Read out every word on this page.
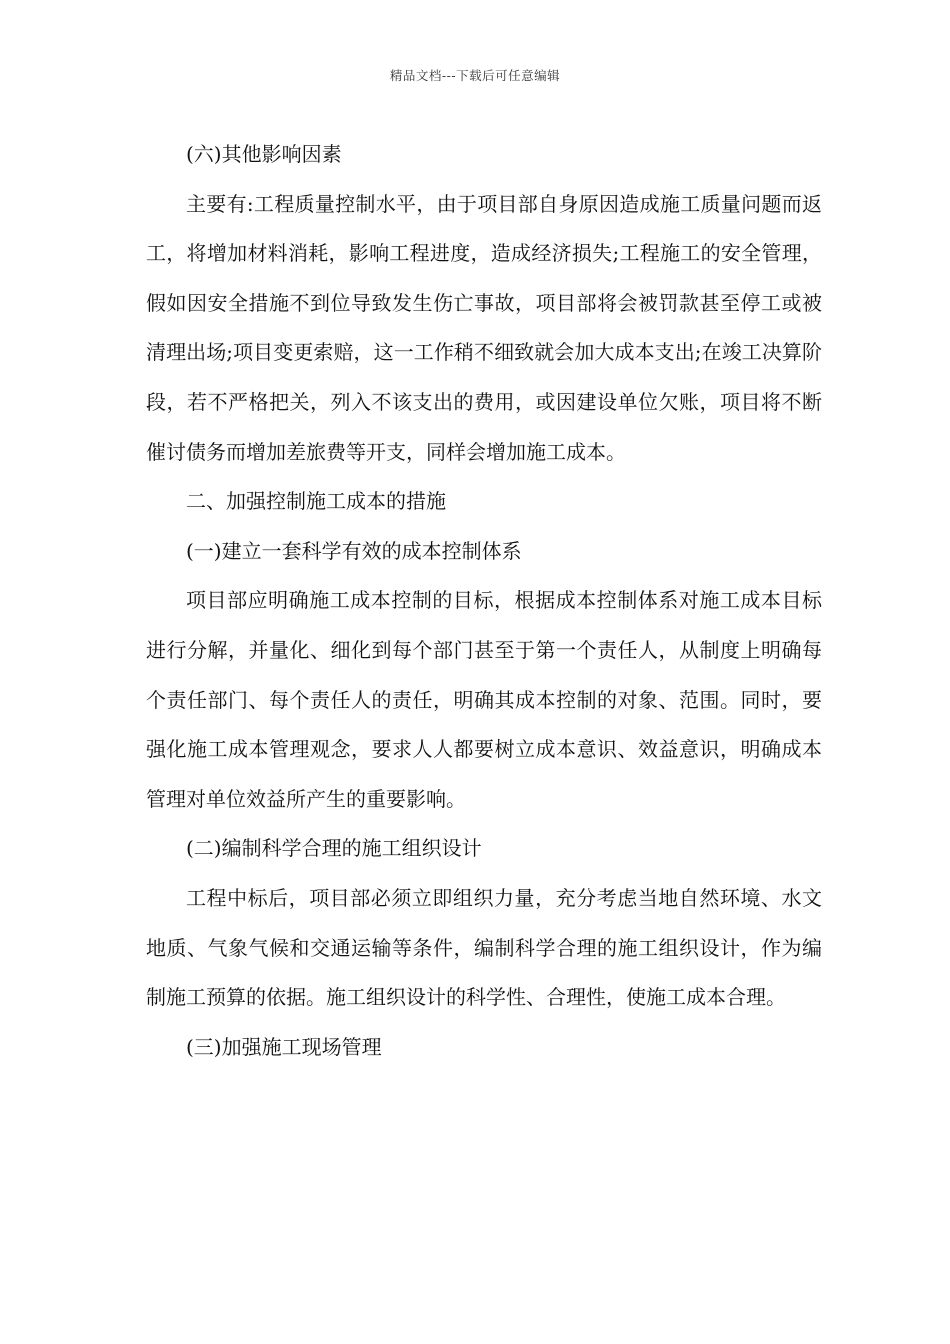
精品文档---下载后可任意编辑

(六)其他影响因素

主要有:工程质量控制水平，由于项目部自身原因造成施工质量问题而返工，将增加材料消耗，影响工程进度，造成经济损失;工程施工的安全管理，假如因安全措施不到位导致发生伤亡事故，项目部将会被罚款甚至停工或被清理出场;项目变更索赔，这一工作稍不细致就会加大成本支出;在竣工决算阶段，若不严格把关，列入不该支出的费用，或因建设单位欠账，项目将不断催讨债务而增加差旅费等开支，同样会增加施工成本。

二、加强控制施工成本的措施

(一)建立一套科学有效的成本控制体系

项目部应明确施工成本控制的目标，根据成本控制体系对施工成本目标进行分解，并量化、细化到每个部门甚至于第一个责任人，从制度上明确每个责任部门、每个责任人的责任，明确其成本控制的对象、范围。同时，要强化施工成本管理观念，要求人人都要树立成本意识、效益意识，明确成本管理对单位效益所产生的重要影响。

(二)编制科学合理的施工组织设计

工程中标后，项目部必须立即组织力量，充分考虑当地自然环境、水文地质、气象气候和交通运输等条件，编制科学合理的施工组织设计，作为编制施工预算的依据。施工组织设计的科学性、合理性，使施工成本合理。

(三)加强施工现场管理
